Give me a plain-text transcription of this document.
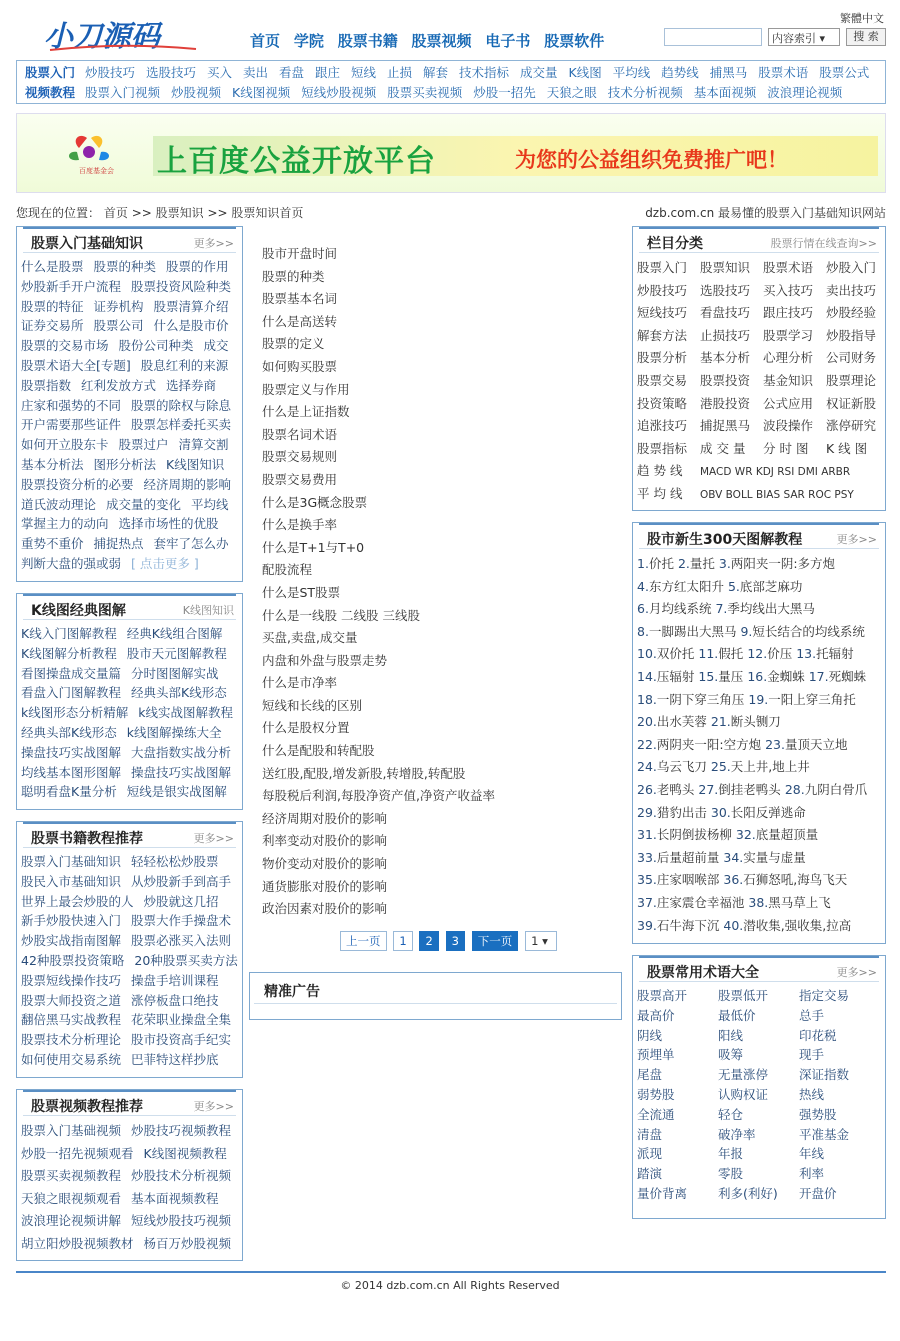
小刀源码	首页 学院 股票书籍 股票视频 电子书 股票软件
繁體中文
内容索引 ▾	搜 索
股票入门 炒股技巧 选股技巧 买入 卖出 看盘 跟庄 短线 止损 解套 技术指标 成交量 K线图 平均线 趋势线 捕黑马 股票术语 股票公式
视频教程 股票入门视频 炒股视频 K线图视频 短线炒股视频 股票买卖视频 炒股一招先 天狼之眼 技术分析视频 基本面视频 波浪理论视频
百度基金会 上百度公益开放平台	为您的公益组织免费推广吧！
您现在的位置： 首页 >> 股票知识 >> 股票知识首页	dzb.com.cn 最易懂的股票入门基础知识网站
股票入门基础知识	更多>>
什么是股票 股票的种类 股票的作用
炒股新手开户流程 股票投资风险种类
股票的特征 证券机构 股票清算介绍
证券交易所 股票公司 什么是股市价
股票的交易市场 股份公司种类 成交
股票术语大全[专题] 股息红利的来源
股票指数 红利发放方式 选择券商
庄家和强势的不同 股票的除权与除息
开户需要那些证件 股票怎样委托买卖
如何开立股东卡 股票过户 清算交割
基本分析法 图形分析法 K线图知识
股票投资分析的必要 经济周期的影响
道氏波动理论 成交量的变化 平均线
掌握主力的动向 选择市场性的优股
重势不重价 捕捉热点 套牢了怎么办
判断大盘的强或弱 [ 点击更多 ]
K线图经典图解	K线图知识
K线入门图解教程 经典K线组合图解
K线图解分析教程 股市天元图解教程
看图操盘成交量篇 分时图图解实战
看盘入门图解教程 经典头部K线形态
k线图形态分析精解 k线实战图解教程
经典头部K线形态 k线图解操练大全
操盘技巧实战图解 大盘指数实战分析
均线基本图形图解 操盘技巧实战图解
聪明看盘K量分析 短线是银实战图解
股票书籍教程推荐	更多>>
股票入门基础知识 轻轻松松炒股票
股民入市基础知识 从炒股新手到高手
世界上最会炒股的人 炒股就这几招
新手炒股快速入门 股票大作手操盘术
炒股实战指南图解 股票必涨买入法则
42种股票投资策略 20种股票买卖方法
股票短线操作技巧 操盘手培训课程
股票大师投资之道 涨停板盘口绝技
翻倍黑马实战教程 花荣职业操盘全集
股票技术分析理论 股市投资高手纪实
如何使用交易系统 巴菲特这样抄底
股票视频教程推荐	更多>>
股票入门基础视频 炒股技巧视频教程
炒股一招先视频观看 K线图视频教程
股票买卖视频教程 炒股技术分析视频
天狼之眼视频观看 基本面视频教程
波浪理论视频讲解 短线炒股技巧视频
胡立阳炒股视频教材 杨百万炒股视频
股市开盘时间
股票的种类
股票基本名词
什么是高送转
股票的定义
如何购买股票
股票定义与作用
什么是上证指数
股票名词术语
股票交易规则
股票交易费用
什么是3G概念股票
什么是换手率
什么是T+1与T+0
配股流程
什么是ST股票
什么是一线股 二线股 三线股
买盘,卖盘,成交量
内盘和外盘与股票走势
什么是市净率
短线和长线的区别
什么是股权分置
什么是配股和转配股
送红股,配股,增发新股,转增股,转配股
每股税后利润,每股净资产值,净资产收益率
经济周期对股价的影响
利率变动对股价的影响
物价变动对股价的影响
通货膨胀对股价的影响
政治因素对股价的影响
上一页 1 2 3 下一页 1 ▾
精准广告
栏目分类	股票行情在线查询>>
股票入门 股票知识 股票术语 炒股入门
炒股技巧 选股技巧 买入技巧 卖出技巧
短线技巧 看盘技巧 跟庄技巧 炒股经验
解套方法 止损技巧 股票学习 炒股指导
股票分析 基本分析 心理分析 公司财务
股票交易 股票投资 基金知识 股票理论
投资策略 港股投资 公式应用 权证新股
追涨技巧 捕捉黑马 波段操作 涨停研究
股票指标 成 交 量 分 时 图 K 线 图
趋 势 线 MACD WR KDJ RSI DMI ARBR
平 均 线 OBV BOLL BIAS SAR ROC PSY
股市新生300天图解教程	更多>>
1.价托 2.量托 3.两阳夹一阴:多方炮
4.东方红太阳升 5.底部芝麻功
6.月均线系统 7.季均线出大黑马
8.一脚踢出大黑马 9.短长结合的均线系统
10.双价托 11.假托 12.价压 13.托辐射
14.压辐射 15.量压 16.金蜘蛛 17.死蜘蛛
18.一阴下穿三角压 19.一阳上穿三角托
20.出水芙蓉 21.断头铡刀
22.两阴夹一阳:空方炮 23.量顶天立地
24.乌云飞刀 25.天上井,地上井
26.老鸭头 27.倒挂老鸭头 28.九阴白骨爪
29.猎豹出击 30.长阳反弹逃命
31.长阴倒拔杨柳 32.底量超顶量
33.后量超前量 34.实量与虚量
35.庄家咽喉部 36.石狮怒吼,海鸟飞天
37.庄家震仓幸福池 38.黑马草上飞
39.石牛海下沉 40.潜收集,强收集,拉高
股票常用术语大全	更多>>
股票高开 股票低开 指定交易
最高价	最低价	总手
阴线	阳线	印花税
预埋单	吸筹	现手
尾盘	无量涨停 深证指数
弱势股	认购权证 热线
全流通	轻仓	强势股
清盘	破净率	平准基金
派现	年报	年线
踏演	零股	利率
量价背离 利多(利好) 开盘价
© 2014 dzb.com.cn All Rights Reserved
